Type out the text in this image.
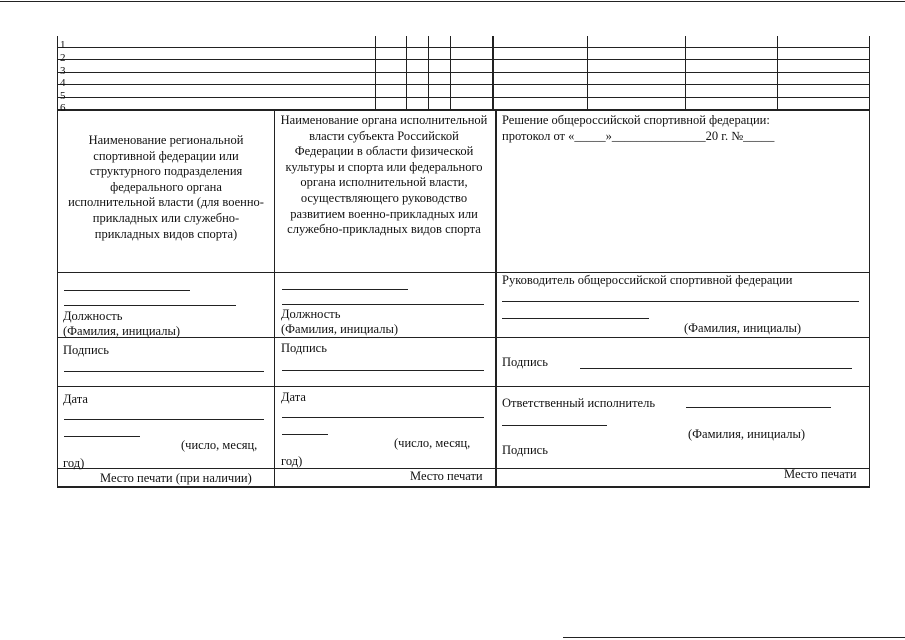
1
2
3
4
5
6
Наименование региональной спортивной федерации или структурного подразделения федерального органа исполнительной власти (для военно-прикладных или служебно-прикладных видов спорта)
Должность
(Фамилия, инициалы)
Подпись
Дата
(число, месяц,
год)
Место печати (при наличии)
Наименование органа исполнительной власти субъекта Российской Федерации в области физической культуры и спорта или федерального органа исполнительной власти, осуществляющего руководство развитием военно-прикладных или служебно-прикладных видов спорта
Должность
(Фамилия, инициалы)
Подпись
Дата
(число, месяц,
год)
Место печати
Решение общероссийской спортивной федерации:
протокол от «_____»_______________20 г. №_____
Руководитель общероссийской спортивной федерации
(Фамилия, инициалы)
Подпись
Ответственный исполнитель
(Фамилия, инициалы)
Подпись
Место печати
